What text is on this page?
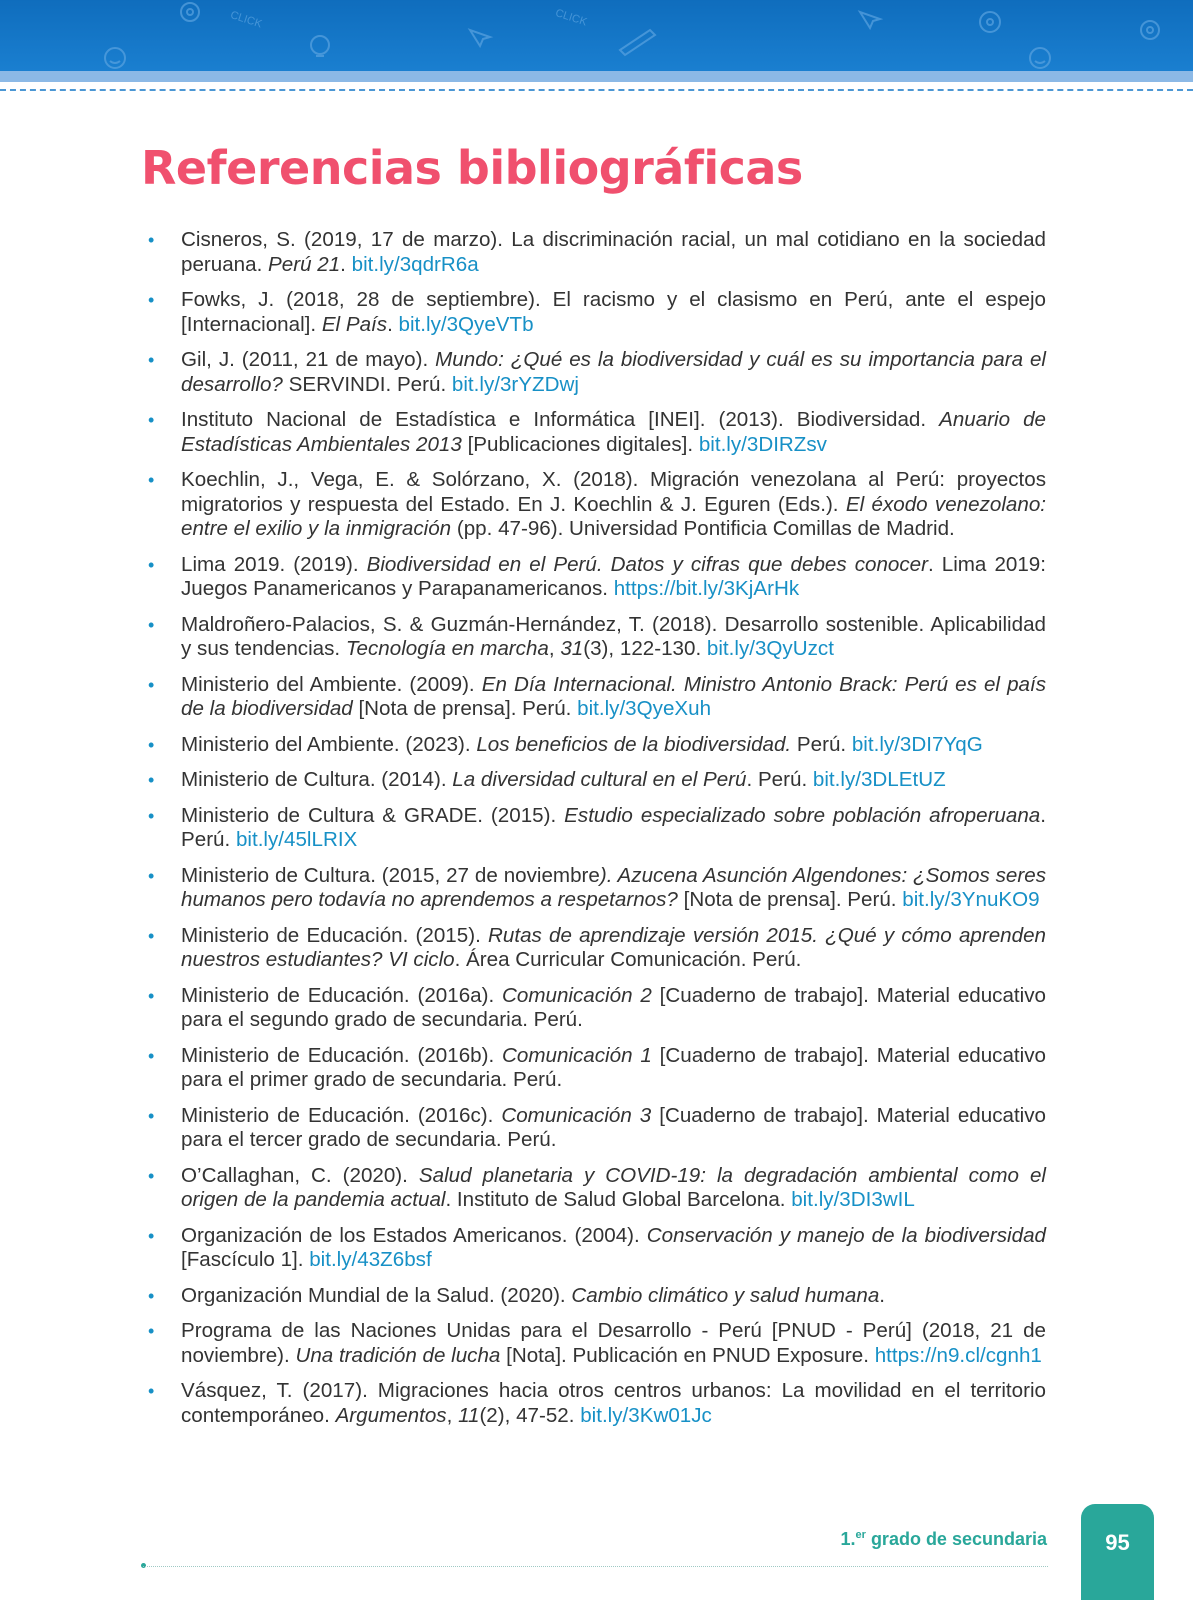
CLICK	CLICK
Referencias bibliográficas
• Cisneros, S. (2019, 17 de marzo). La discriminación racial, un mal cotidiano en la sociedad peruana. Perú 21. bit.ly/3qdrR6a
• Fowks, J. (2018, 28 de septiembre). El racismo y el clasismo en Perú, ante el espejo [Internacional]. El País. bit.ly/3QyeVTb
• Gil, J. (2011, 21 de mayo). Mundo: ¿Qué es la biodiversidad y cuál es su importancia para el desarrollo? SERVINDI. Perú. bit.ly/3rYZDwj
• Instituto Nacional de Estadística e Informática [INEI]. (2013). Biodiversidad. Anuario de Estadísticas Ambientales 2013 [Publicaciones digitales]. bit.ly/3DIRZsv
• Koechlin, J., Vega, E. & Solórzano, X. (2018). Migración venezolana al Perú: proyectos migratorios y respuesta del Estado. En J. Koechlin & J. Eguren (Eds.). El éxodo venezolano: entre el exilio y la inmigración (pp. 47-96). Universidad Pontificia Comillas de Madrid.
• Lima 2019. (2019). Biodiversidad en el Perú. Datos y cifras que debes conocer. Lima 2019: Juegos Panamericanos y Parapanamericanos. https://bit.ly/3KjArHk
• Maldroñero-Palacios, S. & Guzmán-Hernández, T. (2018). Desarrollo sostenible. Aplicabilidad y sus tendencias. Tecnología en marcha, 31(3), 122-130. bit.ly/3QyUzct
• Ministerio del Ambiente. (2009). En Día Internacional. Ministro Antonio Brack: Perú es el país de la biodiversidad [Nota de prensa]. Perú. bit.ly/3QyeXuh
• Ministerio del Ambiente. (2023). Los beneficios de la biodiversidad. Perú. bit.ly/3DI7YqG
• Ministerio de Cultura. (2014). La diversidad cultural en el Perú. Perú. bit.ly/3DLEtUZ
• Ministerio de Cultura & GRADE. (2015). Estudio especializado sobre población afroperuana. Perú. bit.ly/45lLRIX
• Ministerio de Cultura. (2015, 27 de noviembre). Azucena Asunción Algendones: ¿Somos seres humanos pero todavía no aprendemos a respetarnos? [Nota de prensa]. Perú. bit.ly/3YnuKO9
• Ministerio de Educación. (2015). Rutas de aprendizaje versión 2015. ¿Qué y cómo aprenden nuestros estudiantes? VI ciclo. Área Curricular Comunicación. Perú.
• Ministerio de Educación. (2016a). Comunicación 2 [Cuaderno de trabajo]. Material educativo para el segundo grado de secundaria. Perú.
• Ministerio de Educación. (2016b). Comunicación 1 [Cuaderno de trabajo]. Material educativo para el primer grado de secundaria. Perú.
• Ministerio de Educación. (2016c). Comunicación 3 [Cuaderno de trabajo]. Material educativo para el tercer grado de secundaria. Perú.
• O’Callaghan, C. (2020). Salud planetaria y COVID-19: la degradación ambiental como el origen de la pandemia actual. Instituto de Salud Global Barcelona. bit.ly/3DI3wIL
• Organización de los Estados Americanos. (2004). Conservación y manejo de la biodiversidad [Fascículo 1]. bit.ly/43Z6bsf
• Organización Mundial de la Salud. (2020). Cambio climático y salud humana.
• Programa de las Naciones Unidas para el Desarrollo - Perú [PNUD - Perú] (2018, 21 de noviembre). Una tradición de lucha [Nota]. Publicación en PNUD Exposure. https://n9.cl/cgnh1
• Vásquez, T. (2017). Migraciones hacia otros centros urbanos: La movilidad en el territorio contemporáneo. Argumentos, 11(2), 47-52. bit.ly/3Kw01Jc
1.$^{er}$ grado de secundaria	95
